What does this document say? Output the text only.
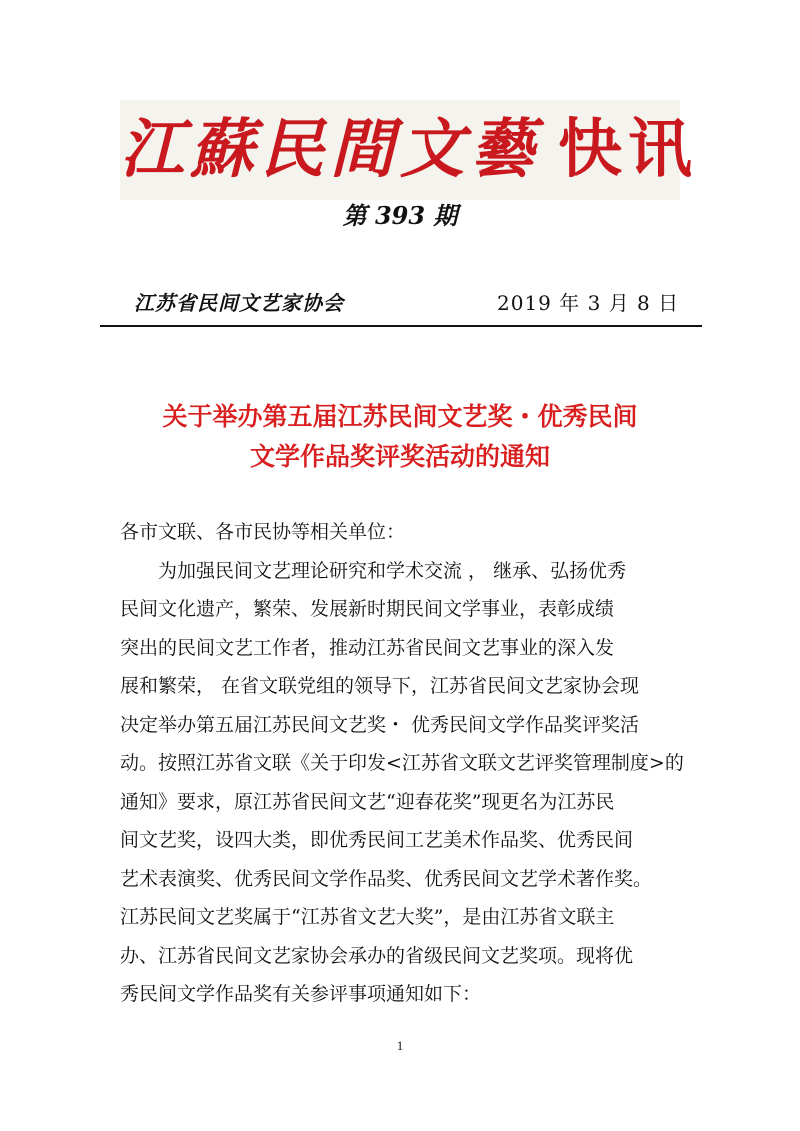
江蘇民間文藝 快讯
第 393 期
江苏省民间文艺家协会	2019 年 3 月 8 日
关于举办第五届江苏民间文艺奖・优秀民间
文学作品奖评奖活动的通知

各市文联、各市民协等相关单位：

　　为加强民间文艺理论研究和学术交流 ， 继承、弘扬优秀

民间文化遗产，繁荣、发展新时期民间文学事业，表彰成绩

突出的民间文艺工作者，推动江苏省民间文艺事业的深入发

展和繁荣， 在省文联党组的领导下，江苏省民间文艺家协会现

决定举办第五届江苏民间文艺奖・ 优秀民间文学作品奖评奖活

动。按照江苏省文联《关于印发<江苏省文联文艺评奖管理制度>的

通知》要求，原江苏省民间文艺“迎春花奖”现更名为江苏民

间文艺奖，设四大类，即优秀民间工艺美术作品奖、优秀民间

艺术表演奖、优秀民间文学作品奖、优秀民间文艺学术著作奖。

江苏民间文艺奖属于“江苏省文艺大奖”，是由江苏省文联主

办、江苏省民间文艺家协会承办的省级民间文艺奖项。现将优

秀民间文学作品奖有关参评事项通知如下：

1
